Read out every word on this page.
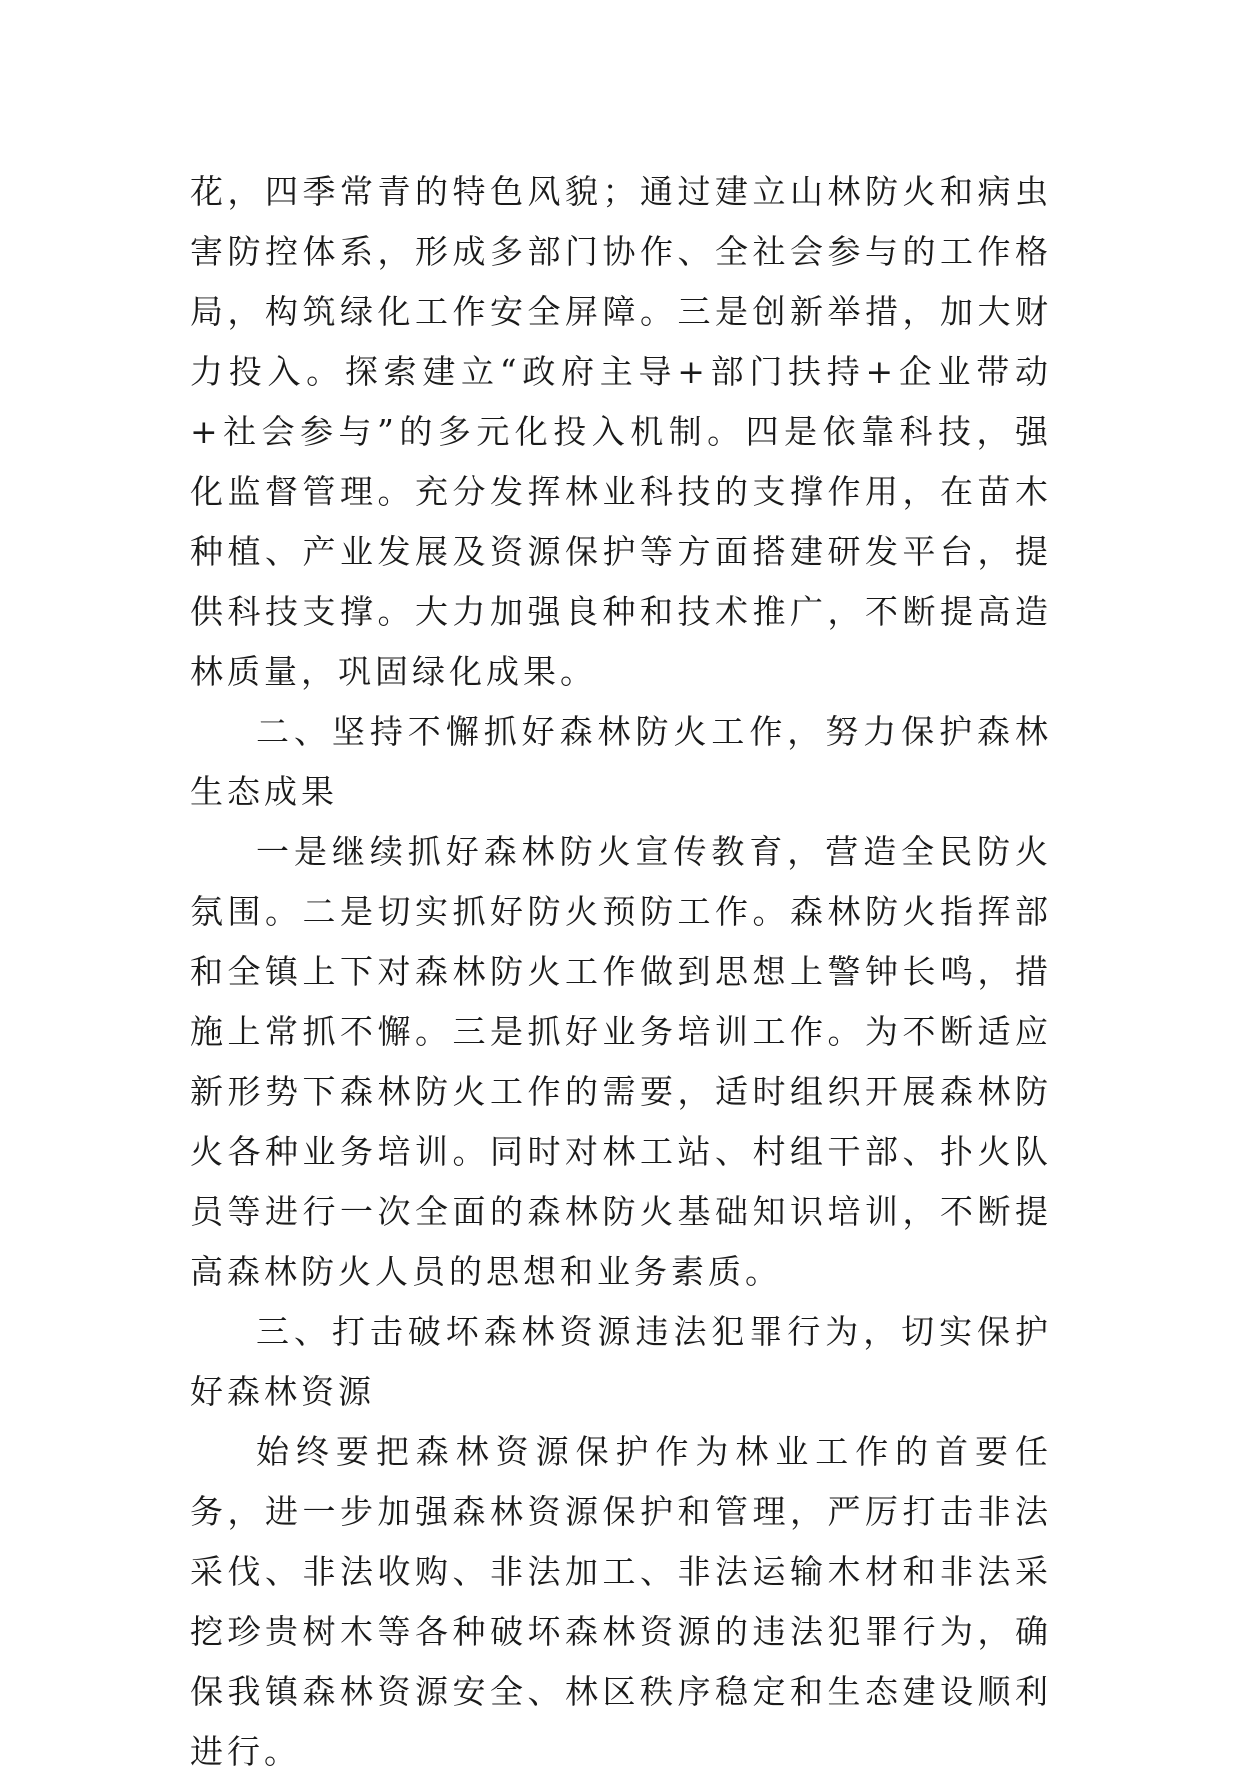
花，四季常青的特色风貌；通过建立山林防火和病虫害防控体系，形成多部门协作、全社会参与的工作格局，构筑绿化工作安全屏障。三是创新举措，加大财力投入。探索建立“政府主导+部门扶持+企业带动+社会参与”的多元化投入机制。四是依靠科技，强化监督管理。充分发挥林业科技的支撑作用，在苗木种植、产业发展及资源保护等方面搭建研发平台，提供科技支撑。大力加强良种和技术推广，不断提高造林质量，巩固绿化成果。

二、坚持不懈抓好森林防火工作，努力保护森林生态成果

一是继续抓好森林防火宣传教育，营造全民防火氛围。二是切实抓好防火预防工作。森林防火指挥部和全镇上下对森林防火工作做到思想上警钟长鸣，措施上常抓不懈。三是抓好业务培训工作。为不断适应新形势下森林防火工作的需要，适时组织开展森林防火各种业务培训。同时对林工站、村组干部、扑火队员等进行一次全面的森林防火基础知识培训，不断提高森林防火人员的思想和业务素质。

三、打击破坏森林资源违法犯罪行为，切实保护好森林资源

始终要把森林资源保护作为林业工作的首要任务，进一步加强森林资源保护和管理，严厉打击非法采伐、非法收购、非法加工、非法运输木材和非法采挖珍贵树木等各种破坏森林资源的违法犯罪行为，确保我镇森林资源安全、林区秩序稳定和生态建设顺利进行。
